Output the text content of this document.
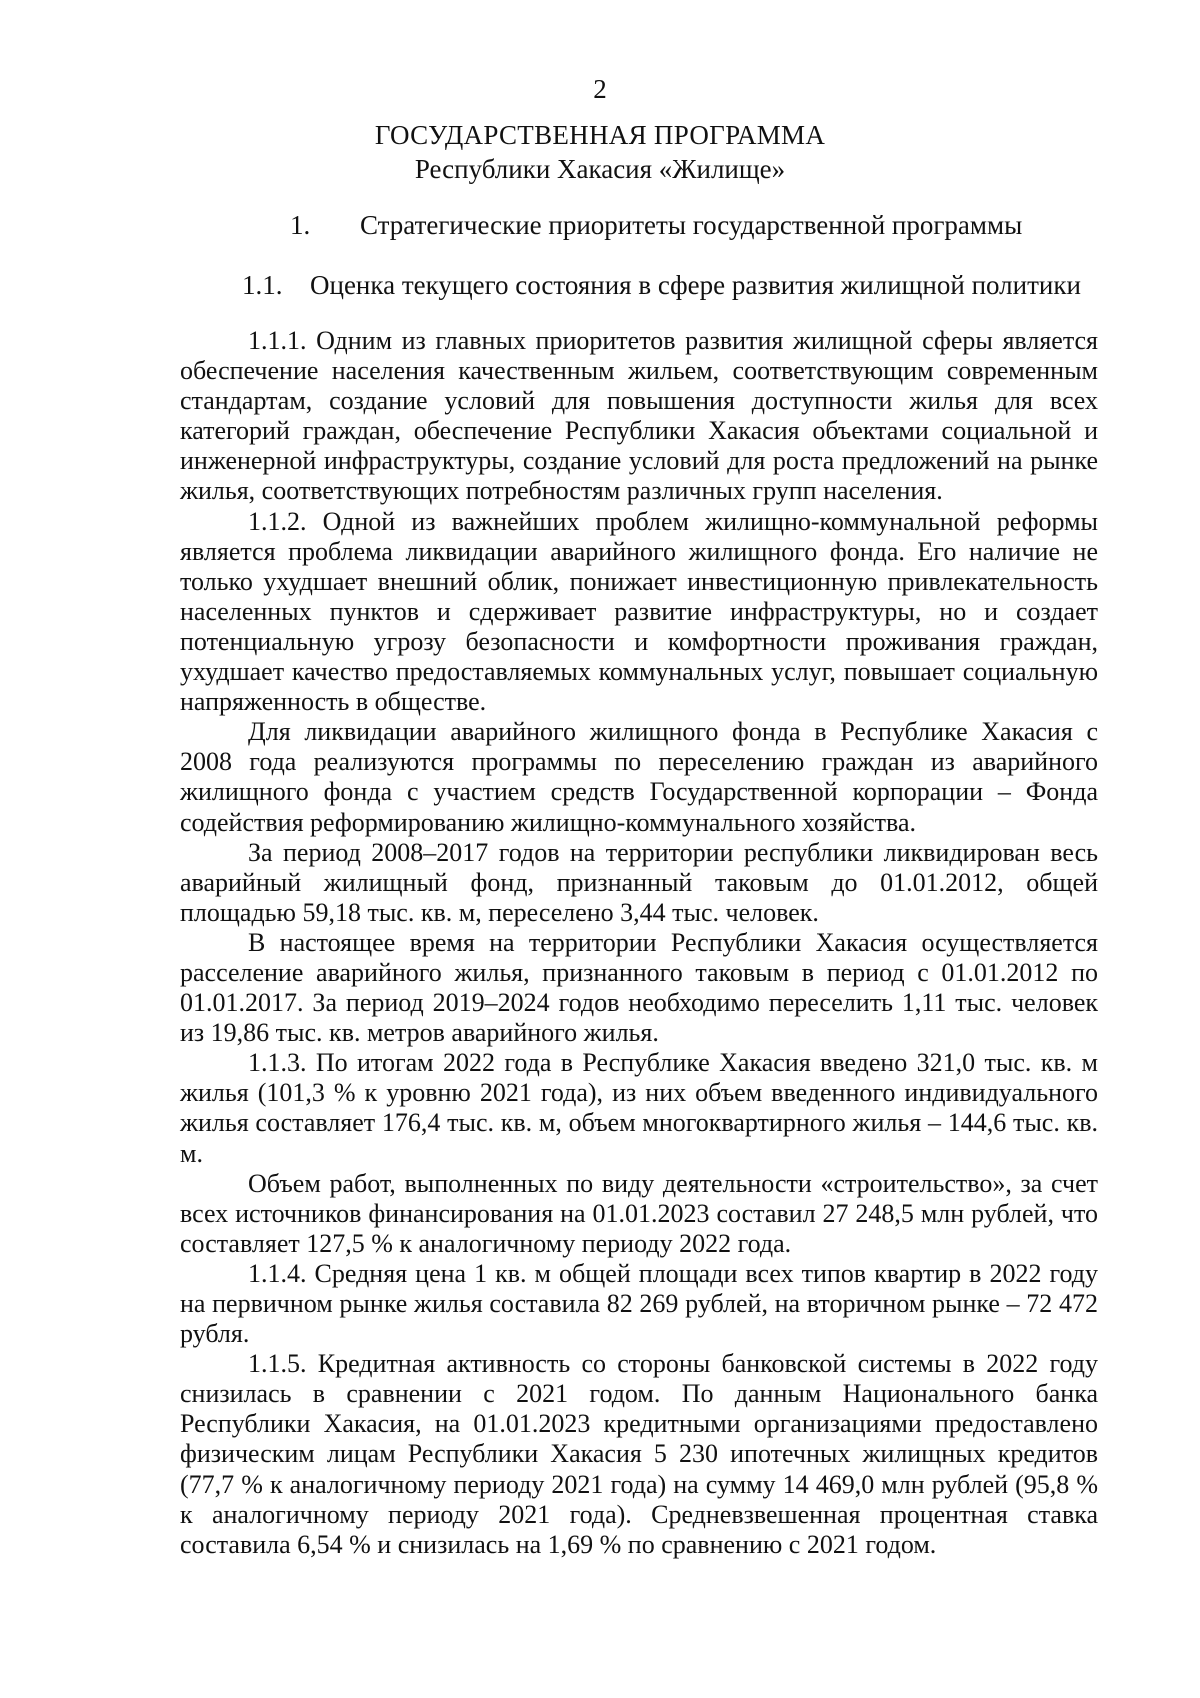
2
ГОСУДАРСТВЕННАЯ ПРОГРАММА
Республики Хакасия «Жилище»
1. Стратегические приоритеты государственной программы
1.1. Оценка текущего состояния в сфере развития жилищной политики

1.1.1. Одним из главных приоритетов развития жилищной сферы является обеспечение населения качественным жильем, соответствующим современным стандартам, создание условий для повышения доступности жилья для всех категорий граждан, обеспечение Республики Хакасия объектами социальной и инженерной инфраструктуры, создание условий для роста предложений на рынке жилья, соответствующих потребностям различных групп населения.

1.1.2. Одной из важнейших проблем жилищно-коммунальной реформы является проблема ликвидации аварийного жилищного фонда. Его наличие не только ухудшает внешний облик, понижает инвестиционную привлекательность населенных пунктов и сдерживает развитие инфраструктуры, но и создает потенциальную угрозу безопасности и комфортности проживания граждан, ухудшает качество предоставляемых коммунальных услуг, повышает социальную напряженность в обществе.

Для ликвидации аварийного жилищного фонда в Республике Хакасия с 2008 года реализуются программы по переселению граждан из аварийного жилищного фонда с участием средств Государственной корпорации – Фонда содействия реформированию жилищно-коммунального хозяйства.

За период 2008–2017 годов на территории республики ликвидирован весь аварийный жилищный фонд, признанный таковым до 01.01.2012, общей площадью 59,18 тыс. кв. м, переселено 3,44 тыс. человек.

В настоящее время на территории Республики Хакасия осуществляется расселение аварийного жилья, признанного таковым в период с 01.01.2012 по 01.01.2017. За период 2019–2024 годов необходимо переселить 1,11 тыс. человек из 19,86 тыс. кв. метров аварийного жилья.

1.1.3. По итогам 2022 года в Республике Хакасия введено 321,0 тыс. кв. м жилья (101,3 % к уровню 2021 года), из них объем введенного индивидуального жилья составляет 176,4 тыс. кв. м, объем многоквартирного жилья – 144,6 тыс. кв. м.

Объем работ, выполненных по виду деятельности «строительство», за счет всех источников финансирования на 01.01.2023 составил 27 248,5 млн рублей, что составляет 127,5 % к аналогичному периоду 2022 года.

1.1.4. Средняя цена 1 кв. м общей площади всех типов квартир в 2022 году на первичном рынке жилья составила 82 269 рублей, на вторичном рынке – 72 472 рубля.

1.1.5. Кредитная активность со стороны банковской системы в 2022 году снизилась в сравнении с 2021 годом. По данным Национального банка Республики Хакасия, на 01.01.2023 кредитными организациями предоставлено физическим лицам Республики Хакасия 5 230 ипотечных жилищных кредитов (77,7 % к аналогичному периоду 2021 года) на сумму 14 469,0 млн рублей (95,8 % к аналогичному периоду 2021 года). Средневзвешенная процентная ставка составила 6,54 % и снизилась на 1,69 % по сравнению с 2021 годом.
